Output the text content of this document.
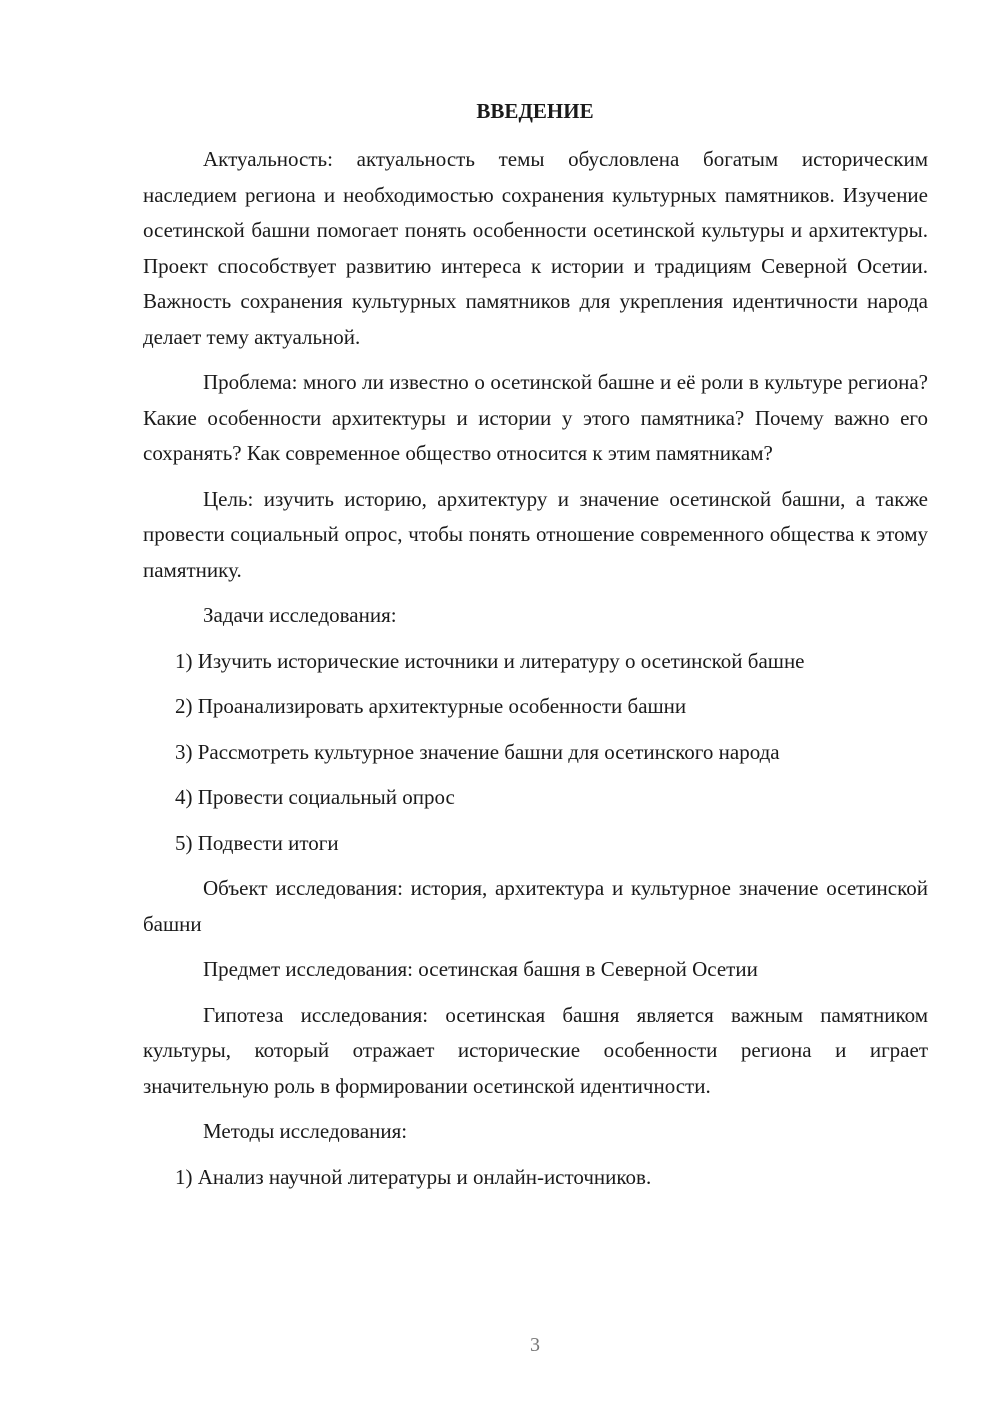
ВВЕДЕНИЕ

Актуальность: актуальность темы обусловлена богатым историческим наследием региона и необходимостью сохранения культурных памятников. Изучение осетинской башни помогает понять особенности осетинской культуры и архитектуры. Проект способствует развитию интереса к истории и традициям Северной Осетии. Важность сохранения культурных памятников для укрепления идентичности народа делает тему актуальной.

Проблема: много ли известно о осетинской башне и её роли в культуре региона? Какие особенности архитектуры и истории у этого памятника? Почему важно его сохранять? Как современное общество относится к этим памятникам?

Цель: изучить историю, архитектуру и значение осетинской башни, а также провести социальный опрос, чтобы понять отношение современного общества к этому памятнику.

Задачи исследования:

1) Изучить исторические источники и литературу о осетинской башне
2) Проанализировать архитектурные особенности башни
3) Рассмотреть культурное значение башни для осетинского народа
4) Провести социальный опрос
5) Подвести итоги

Объект исследования: история, архитектура и культурное значение осетинской башни

Предмет исследования: осетинская башня в Северной Осетии

Гипотеза исследования: осетинская башня является важным памятником культуры, который отражает исторические особенности региона и играет значительную роль в формировании осетинской идентичности.

Методы исследования:

1) Анализ научной литературы и онлайн-источников.
3
